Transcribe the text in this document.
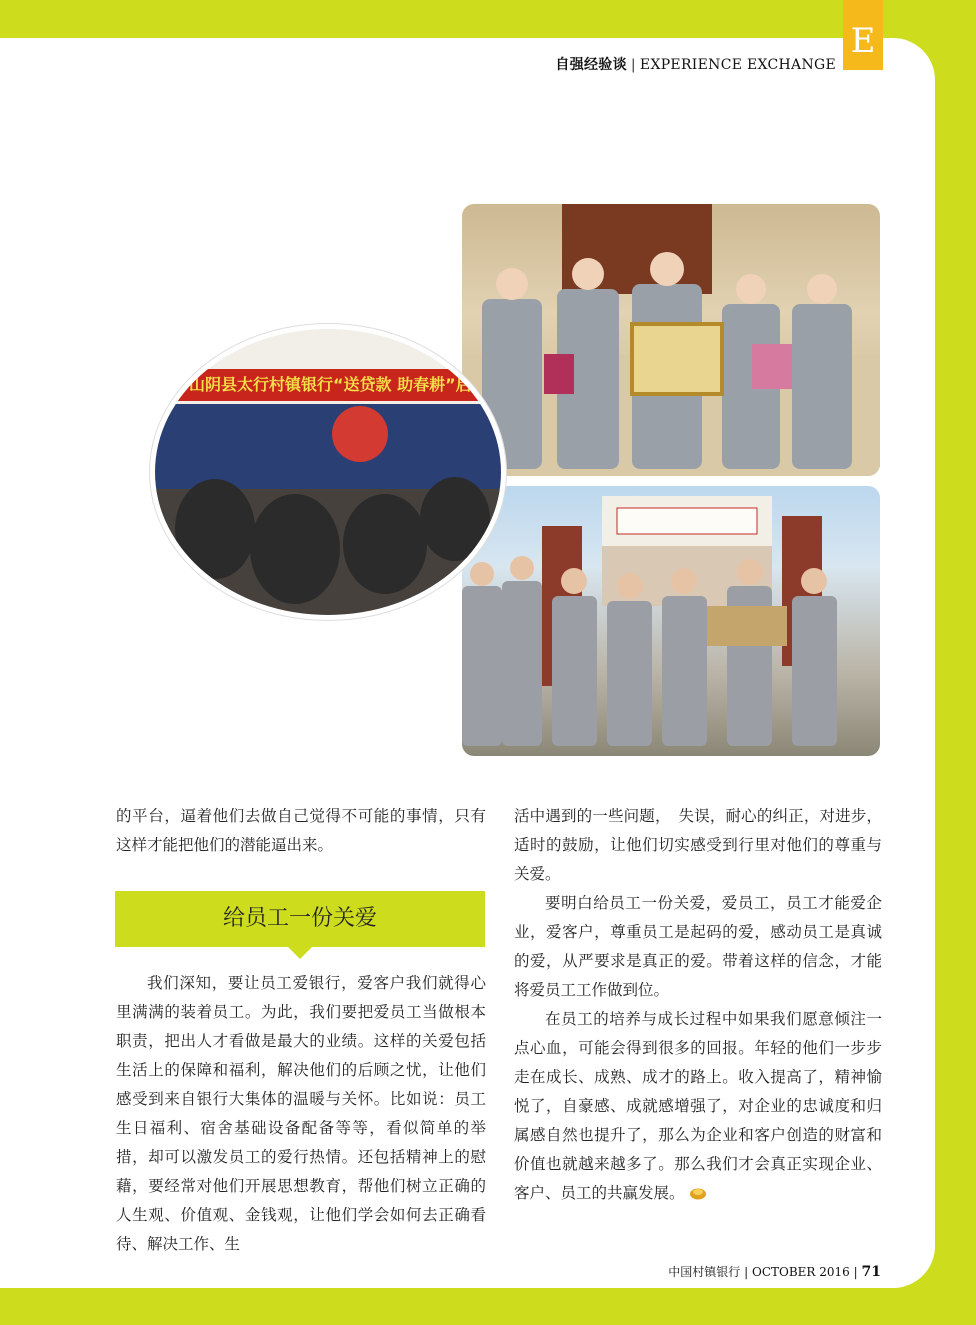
E
自强经验谈 | EXPERIENCE EXCHANGE
山阴县太行村镇银行“送贷款 助春耕”启

的平台，逼着他们去做自己觉得不可能的事情，只有这样才能把他们的潜能逼出来。

给员工一份关爱

我们深知，要让员工爱银行，爱客户我们就得心里满满的装着员工。为此，我们要把爱员工当做根本职责，把出人才看做是最大的业绩。这样的关爱包括生活上的保障和福利，解决他们的后顾之忧，让他们感受到来自银行大集体的温暖与关怀。比如说：员工生日福利、宿舍基础设备配备等等，看似简单的举措，却可以激发员工的爱行热情。还包括精神上的慰藉，要经常对他们开展思想教育，帮他们树立正确的人生观、价值观、金钱观，让他们学会如何去正确看待、解决工作、生

活中遇到的一些问题，　失误，耐心的纠正，对进步，适时的鼓励，让他们切实感受到行里对他们的尊重与关爱。

要明白给员工一份关爱，爱员工，员工才能爱企业，爱客户，尊重员工是起码的爱，感动员工是真诚的爱，从严要求是真正的爱。带着这样的信念，才能将爱员工工作做到位。

在员工的培养与成长过程中如果我们愿意倾注一点心血，可能会得到很多的回报。年轻的他们一步步走在成长、成熟、成才的路上。收入提高了，精神愉悦了，自豪感、成就感增强了，对企业的忠诚度和归属感自然也提升了，那么为企业和客户创造的财富和价值也就越来越多了。那么我们才会真正实现企业、客户、员工的共赢发展。

中国村镇银行 | OCTOBER 2016 | 71
